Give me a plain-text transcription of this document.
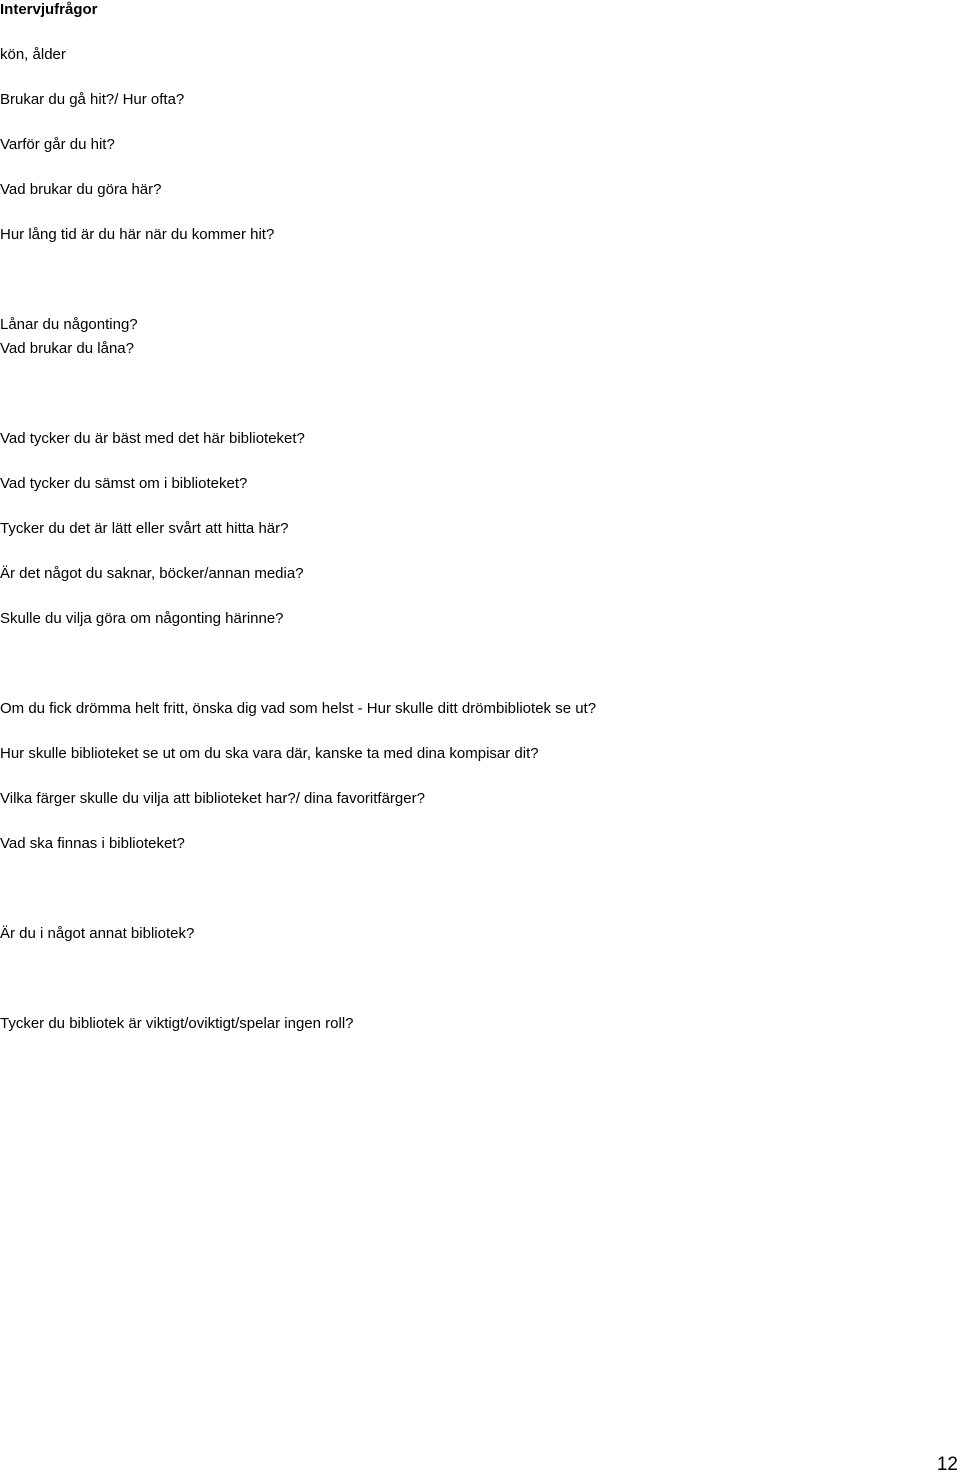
Intervjufrågor
kön, ålder
Brukar du gå hit?/ Hur ofta?
Varför går du hit?
Vad brukar du göra här?
Hur lång tid är du här när du kommer hit?
Lånar du någonting?
Vad brukar du låna?
Vad tycker du är bäst med det här biblioteket?
Vad tycker du sämst om i biblioteket?
Tycker du det är lätt eller svårt att hitta här?
Är det något du saknar, böcker/annan media?
Skulle du vilja göra om någonting härinne?
Om du fick drömma helt fritt, önska dig vad som helst - Hur skulle ditt drömbibliotek se ut?
Hur skulle biblioteket se ut om du ska vara där, kanske ta med dina kompisar dit?
Vilka färger skulle du vilja att biblioteket har?/ dina favoritfärger?
Vad ska finnas i biblioteket?
Är du i något annat bibliotek?
Tycker du bibliotek är viktigt/oviktigt/spelar ingen roll?
12
